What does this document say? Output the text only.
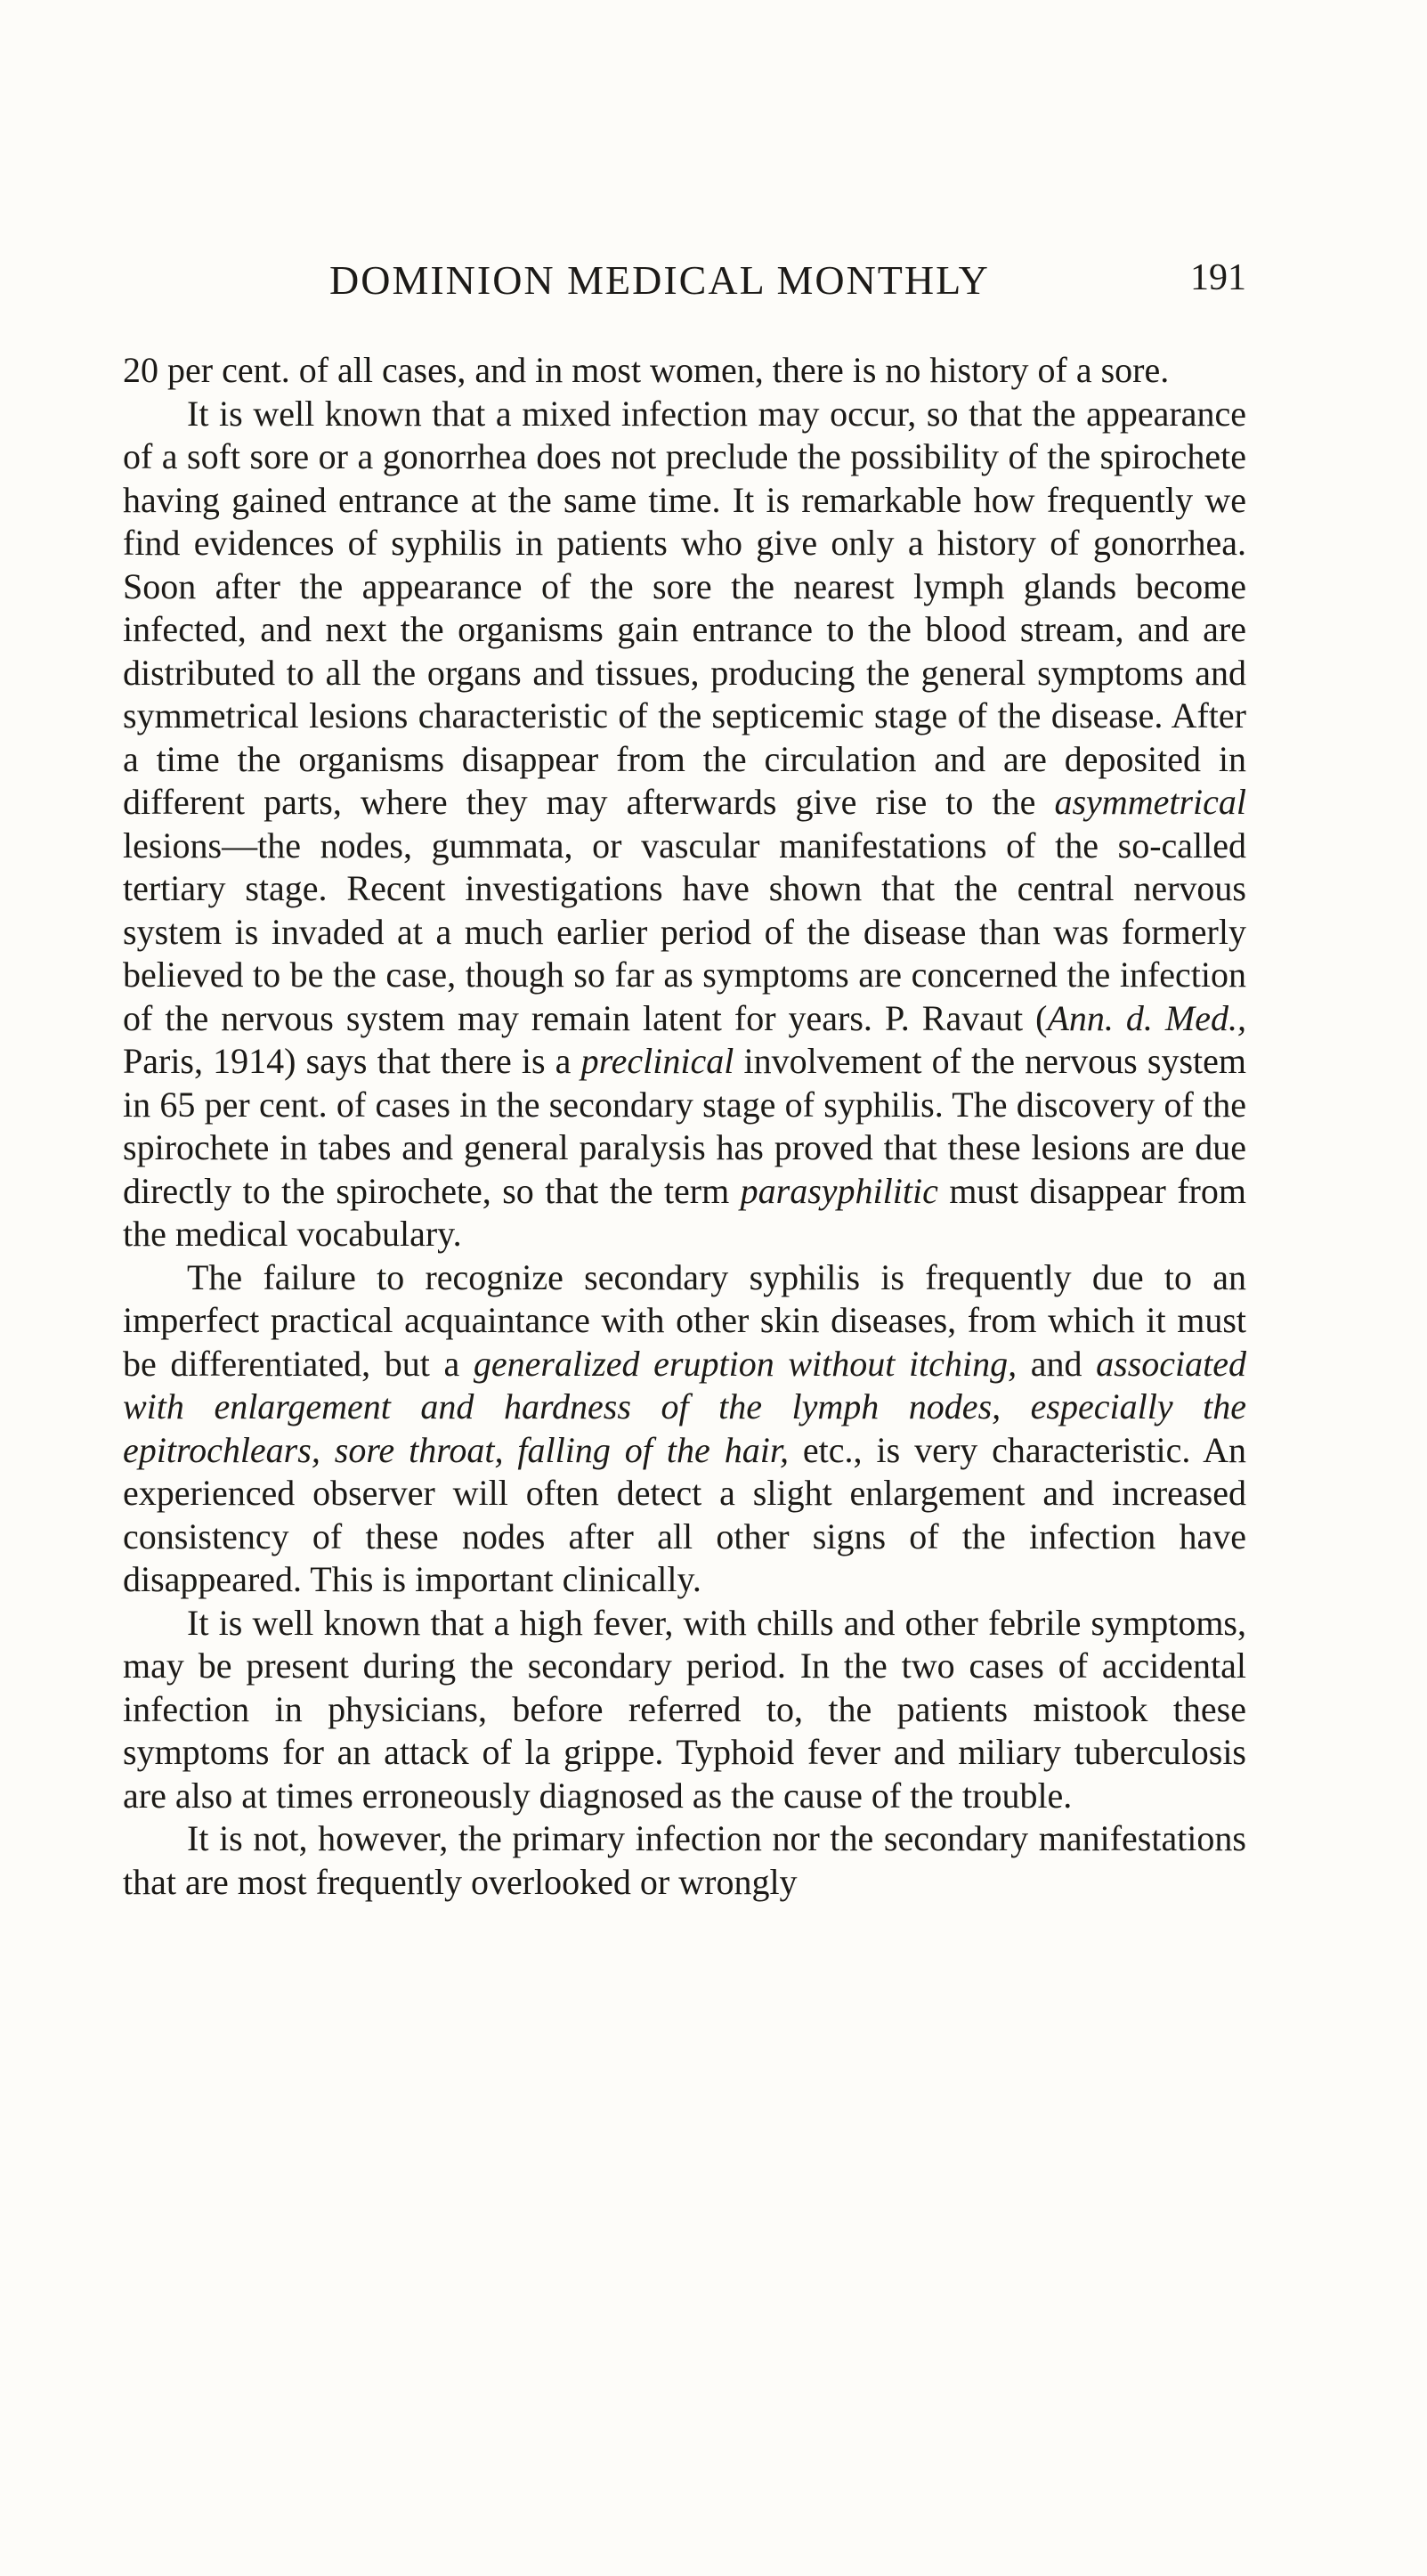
DOMINION MEDICAL MONTHLY	191

20 per cent. of all cases, and in most women, there is no history of a sore.

It is well known that a mixed infection may occur, so that the appearance of a soft sore or a gonorrhea does not preclude the possibility of the spirochete having gained entrance at the same time. It is remarkable how frequently we find evidences of syphilis in patients who give only a history of gonorrhea. Soon after the appearance of the sore the nearest lymph glands become infected, and next the organisms gain entrance to the blood stream, and are distributed to all the organs and tissues, producing the general symptoms and symmetrical lesions characteristic of the septicemic stage of the disease. After a time the organisms disappear from the circulation and are deposited in different parts, where they may afterwards give rise to the asymmetrical lesions—the nodes, gummata, or vascular manifestations of the so-called tertiary stage. Recent investigations have shown that the central nervous system is invaded at a much earlier period of the disease than was formerly believed to be the case, though so far as symptoms are concerned the infection of the nervous system may remain latent for years. P. Ravaut (Ann. d. Med., Paris, 1914) says that there is a preclinical involvement of the nervous system in 65 per cent. of cases in the secondary stage of syphilis. The discovery of the spirochete in tabes and general paralysis has proved that these lesions are due directly to the spirochete, so that the term parasyphilitic must disappear from the medical vocabulary.

The failure to recognize secondary syphilis is frequently due to an imperfect practical acquaintance with other skin diseases, from which it must be differentiated, but a generalized eruption without itching, and associated with enlargement and hardness of the lymph nodes, especially the epitrochlears, sore throat, falling of the hair, etc., is very characteristic. An experienced observer will often detect a slight enlargement and increased consistency of these nodes after all other signs of the infection have disappeared. This is important clinically.

It is well known that a high fever, with chills and other febrile symptoms, may be present during the secondary period. In the two cases of accidental infection in physicians, before referred to, the patients mistook these symptoms for an attack of la grippe. Typhoid fever and miliary tuberculosis are also at times erroneously diagnosed as the cause of the trouble.

It is not, however, the primary infection nor the secondary manifestations that are most frequently overlooked or wrongly
